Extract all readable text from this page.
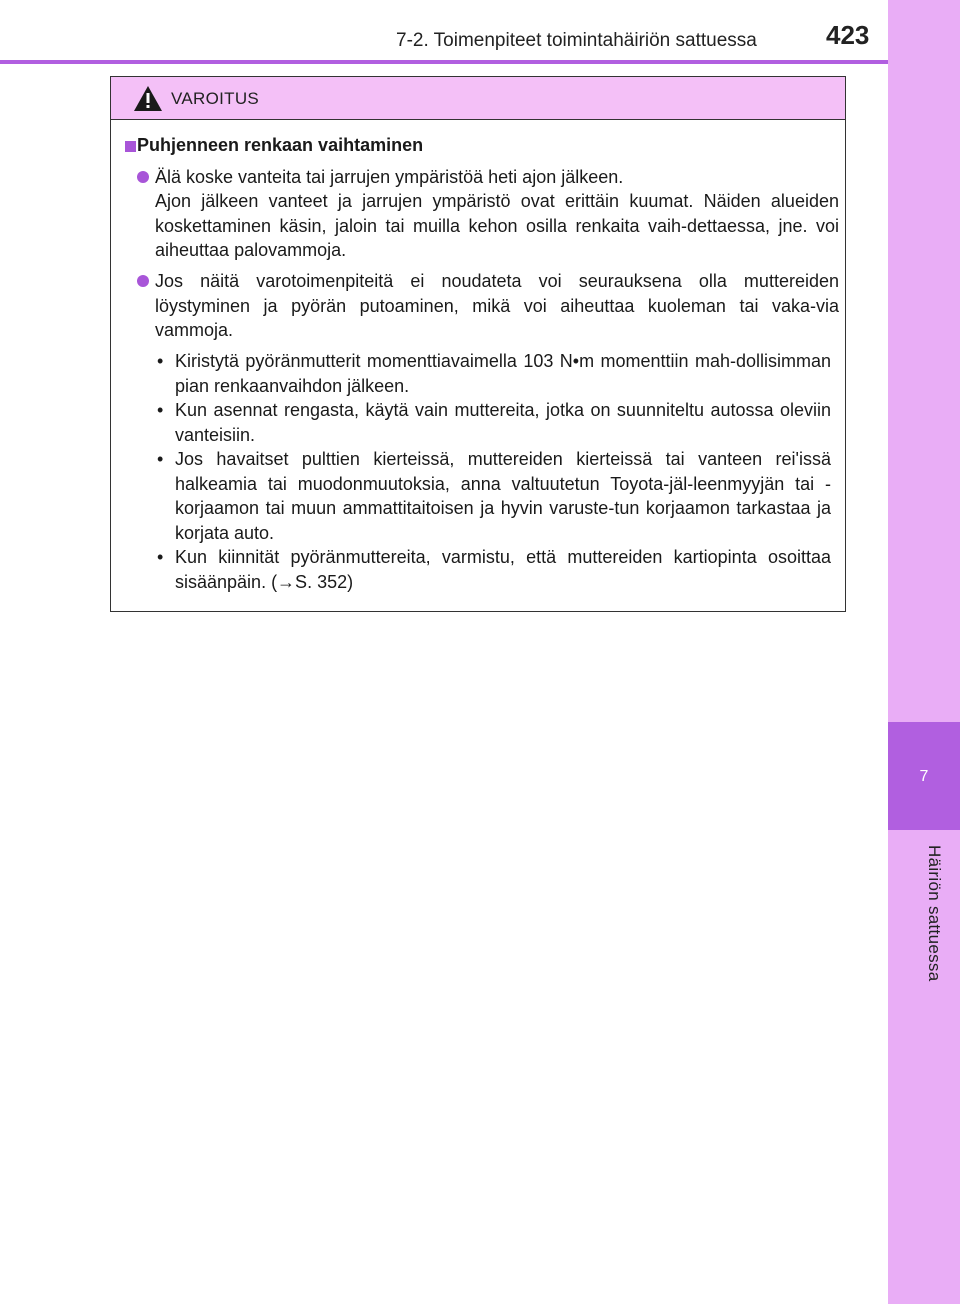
7
Häiriön sattuessa
7-2. Toimenpiteet toimintahäiriön sattuessa	423
VAROITUS
Puhjenneen renkaan vaihtaminen
Älä koske vanteita tai jarrujen ympäristöä heti ajon jälkeen.
Ajon jälkeen vanteet ja jarrujen ympäristö ovat erittäin kuumat. Näiden alueiden koskettaminen käsin, jaloin tai muilla kehon osilla renkaita vaih-dettaessa, jne. voi aiheuttaa palovammoja.
Jos näitä varotoimenpiteitä ei noudateta voi seurauksena olla muttereiden löystyminen ja pyörän putoaminen, mikä voi aiheuttaa kuoleman tai vaka-via vammoja.
• Kiristytä pyöränmutterit momenttiavaimella 103 N•m momenttiin mah-dollisimman pian renkaanvaihdon jälkeen.
• Kun asennat rengasta, käytä vain muttereita, jotka on suunniteltu autossa oleviin vanteisiin.
• Jos havaitset pulttien kierteissä, muttereiden kierteissä tai vanteen rei'issä halkeamia tai muodonmuutoksia, anna valtuutetun Toyota-jäl-leenmyyjän tai -korjaamon tai muun ammattitaitoisen ja hyvin varuste-tun korjaamon tarkastaa ja korjata auto.
• Kun kiinnität pyöränmuttereita, varmistu, että muttereiden kartiopinta osoittaa sisäänpäin. (→S. 352)
